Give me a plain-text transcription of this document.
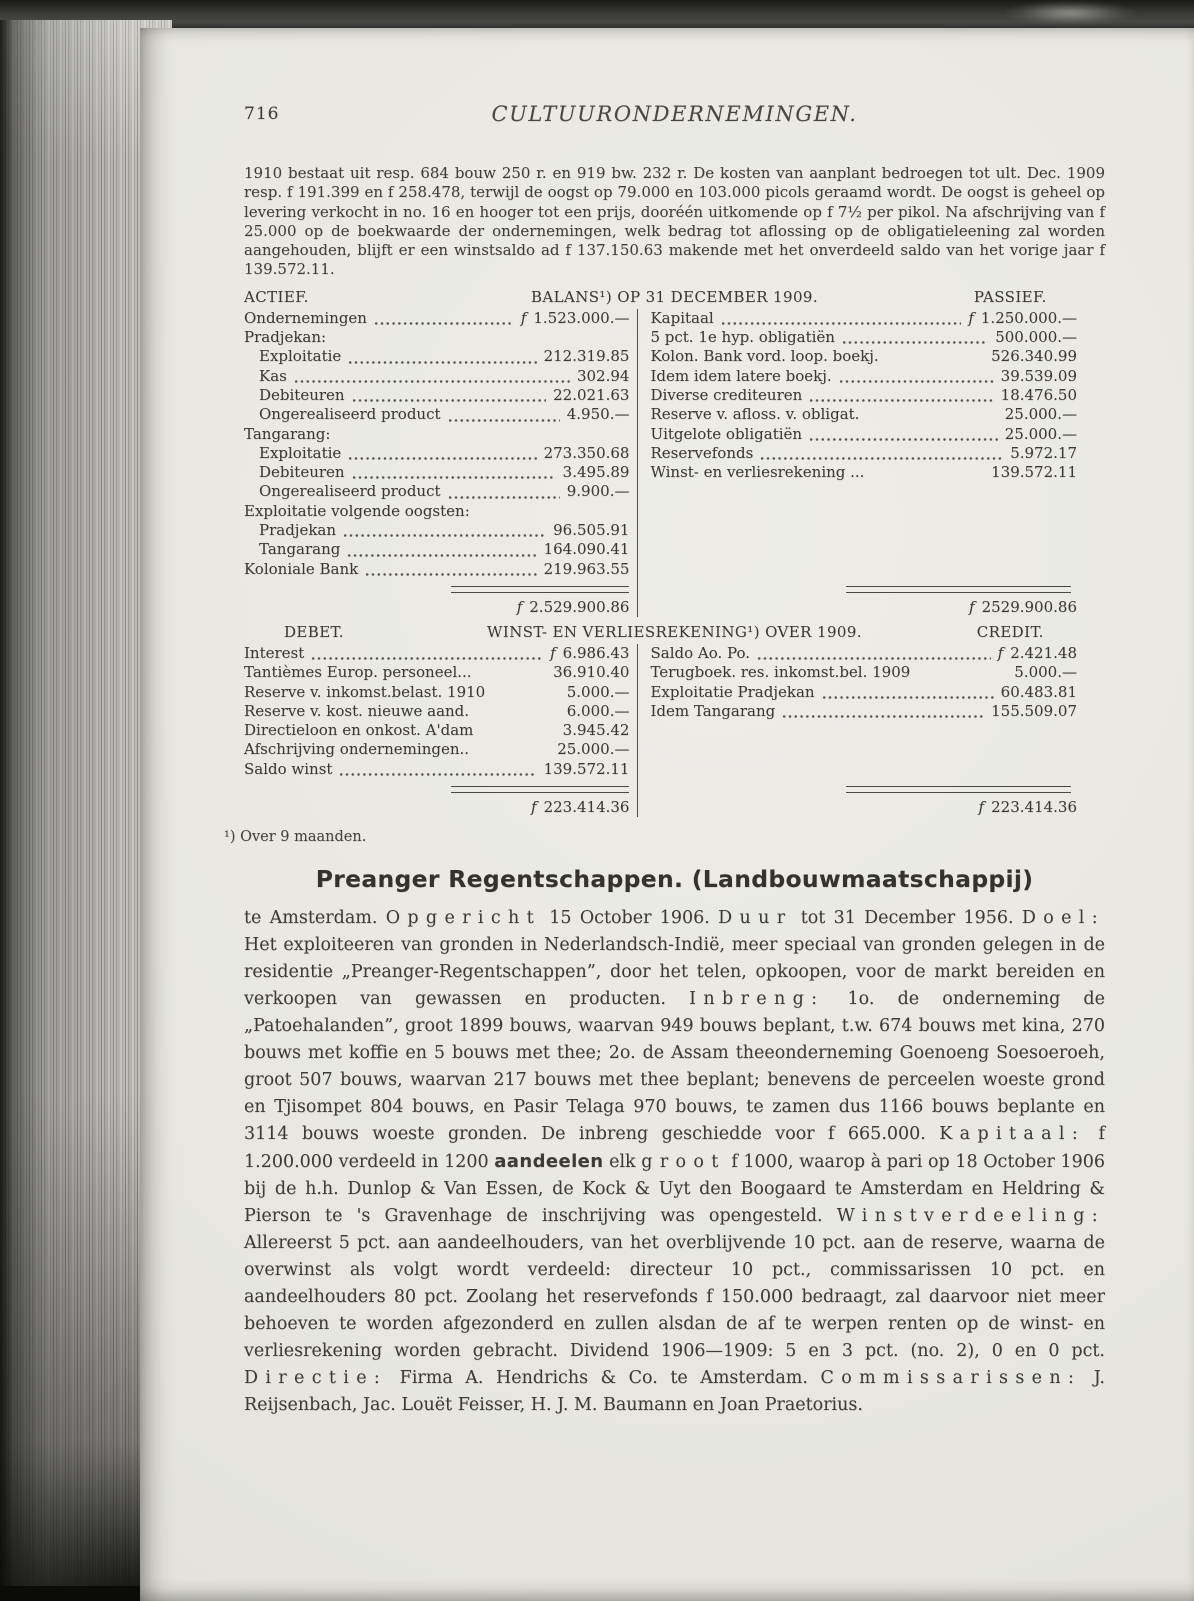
716	CULTUURONDERNEMINGEN.

1910 bestaat uit resp. 684 bouw 250 r. en 919 bw. 232 r. De kosten van aanplant bedroegen tot ult. Dec. 1909 resp. f 191.399 en f 258.478, terwijl de oogst op 79.000 en 103.000 picols geraamd wordt. De oogst is geheel op levering verkocht in no. 16 en hooger tot een prijs, dooréén uitkomende op f 7½ per pikol. Na afschrijving van f 25.000 op de boekwaarde der ondernemingen, welk bedrag tot aflossing op de obligatieleening zal worden aangehouden, blijft er een winstsaldo ad f 137.150.63 makende met het onverdeeld saldo van het vorige jaar f 139.572.11.

ACTIEF.	BALANS¹) OP 31 DECEMBER 1909.	PASSIEF.
Ondernemingen	f 1.523.000.—
Pradjekan:
Exploitatie	212.319.85
Kas	302.94
Debiteuren	22.021.63
Ongerealiseerd product	4.950.—
Tangarang:
Exploitatie	273.350.68
Debiteuren	3.495.89
Ongerealiseerd product	9.900.—
Exploitatie volgende oogsten:
Pradjekan	96.505.91
Tangarang	164.090.41
Koloniale Bank	219.963.55
Kapitaal	f 1.250.000.—
5 pct. 1e hyp. obligatiën	500.000.—
Kolon. Bank vord. loop. boekj.	526.340.99
Idem idem latere boekj.	39.539.09
Diverse crediteuren	18.476.50
Reserve v. afloss. v. obligat.	25.000.—
Uitgelote obligatiën	25.000.—
Reservefonds	5.972.17
Winst- en verliesrekening ...	139.572.11
f 2.529.900.86	f 2529.900.86
DEBET.	WINST- EN VERLIESREKENING¹) OVER 1909.	CREDIT.
Interest	f 6.986.43
Tantièmes Europ. personeel...	36.910.40
Reserve v. inkomst.belast. 1910	5.000.—
Reserve v. kost. nieuwe aand.	6.000.—
Directieloon en onkost. A'dam	3.945.42
Afschrijving ondernemingen..	25.000.—
Saldo winst	139.572.11
Saldo Ao. Po.	f 2.421.48
Terugboek. res. inkomst.bel. 1909	5.000.—
Exploitatie Pradjekan	60.483.81
Idem Tangarang	155.509.07
f 223.414.36	f 223.414.36
¹) Over 9 maanden.
Preanger Regentschappen. (Landbouwmaatschappij)

te Amsterdam. Opgericht 15 October 1906. Duur tot 31 December 1956. Doel: Het exploiteeren van gronden in Nederlandsch-Indië, meer speciaal van gronden gelegen in de residentie „Preanger-Regentschappen”, door het telen, opkoopen, voor de markt bereiden en verkoopen van gewassen en producten. Inbreng: 1o. de onderneming de „Patoehalanden”, groot 1899 bouws, waarvan 949 bouws beplant, t.w. 674 bouws met kina, 270 bouws met koffie en 5 bouws met thee; 2o. de Assam theeonderneming Goenoeng Soesoeroeh, groot 507 bouws, waarvan 217 bouws met thee beplant; benevens de perceelen woeste grond en Tjisompet 804 bouws, en Pasir Telaga 970 bouws, te zamen dus 1166 bouws beplante en 3114 bouws woeste gronden. De inbreng geschiedde voor f 665.000. Kapitaal: f 1.200.000 verdeeld in 1200 aandeelen elk groot f 1000, waarop à pari op 18 October 1906 bij de h.h. Dunlop & Van Essen, de Kock & Uyt den Boogaard te Amsterdam en Heldring & Pierson te 's Gravenhage de inschrijving was opengesteld. Winstverdeeling: Allereerst 5 pct. aan aandeelhouders, van het overblijvende 10 pct. aan de reserve, waarna de overwinst als volgt wordt verdeeld: directeur 10 pct., commissarissen 10 pct. en aandeelhouders 80 pct. Zoolang het reservefonds f 150.000 bedraagt, zal daarvoor niet meer behoeven te worden afgezonderd en zullen alsdan de af te werpen renten op de winst- en verliesrekening worden gebracht. Dividend 1906—1909: 5 en 3 pct. (no. 2), 0 en 0 pct. Directie: Firma A. Hendrichs & Co. te Amsterdam. Commissarissen: J. Reijsenbach, Jac. Louët Feisser, H. J. M. Baumann en Joan Praetorius.
